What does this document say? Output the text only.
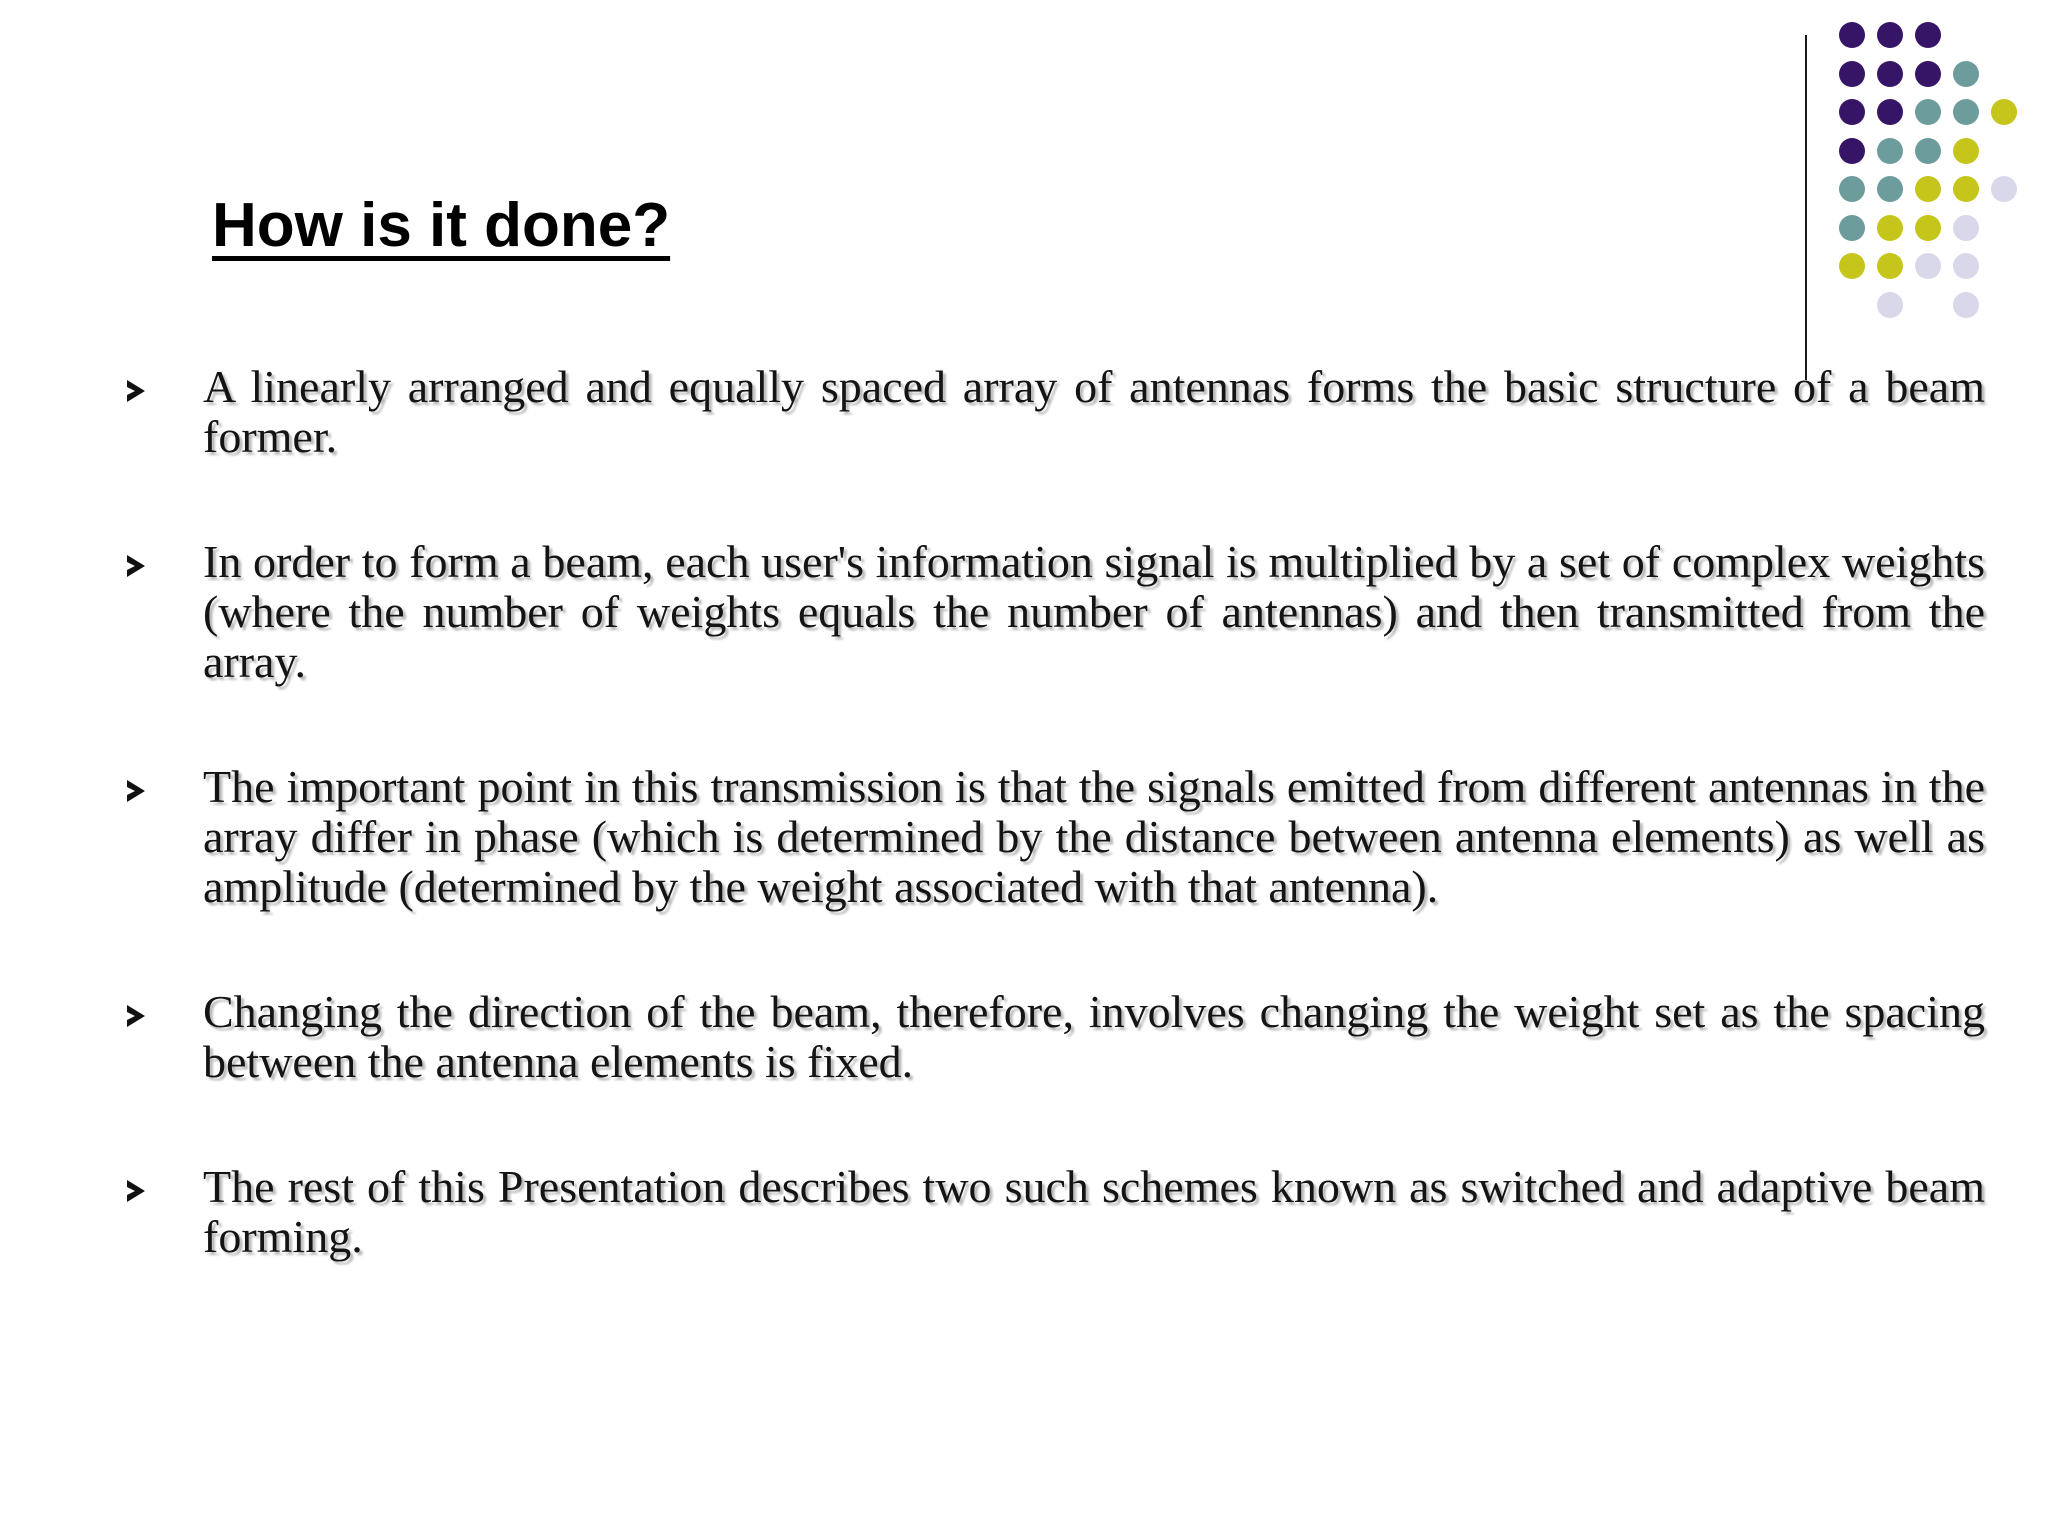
How is it done?
A linearly arranged and equally spaced array of antennas forms the basic structure of a beam former.
In order to form a beam, each user's information signal is multiplied by a set of complex weights (where the number of weights equals the number of antennas) and then transmitted from the array.
The important point in this transmission is that the signals emitted from different antennas in the array differ in phase (which is determined by the distance between antenna elements) as well as amplitude (determined by the weight associated with that antenna).
Changing the direction of the beam, therefore, involves changing the weight set as the spacing between the antenna elements is fixed.
The rest of this Presentation describes two such schemes known as switched and adaptive beam forming.
